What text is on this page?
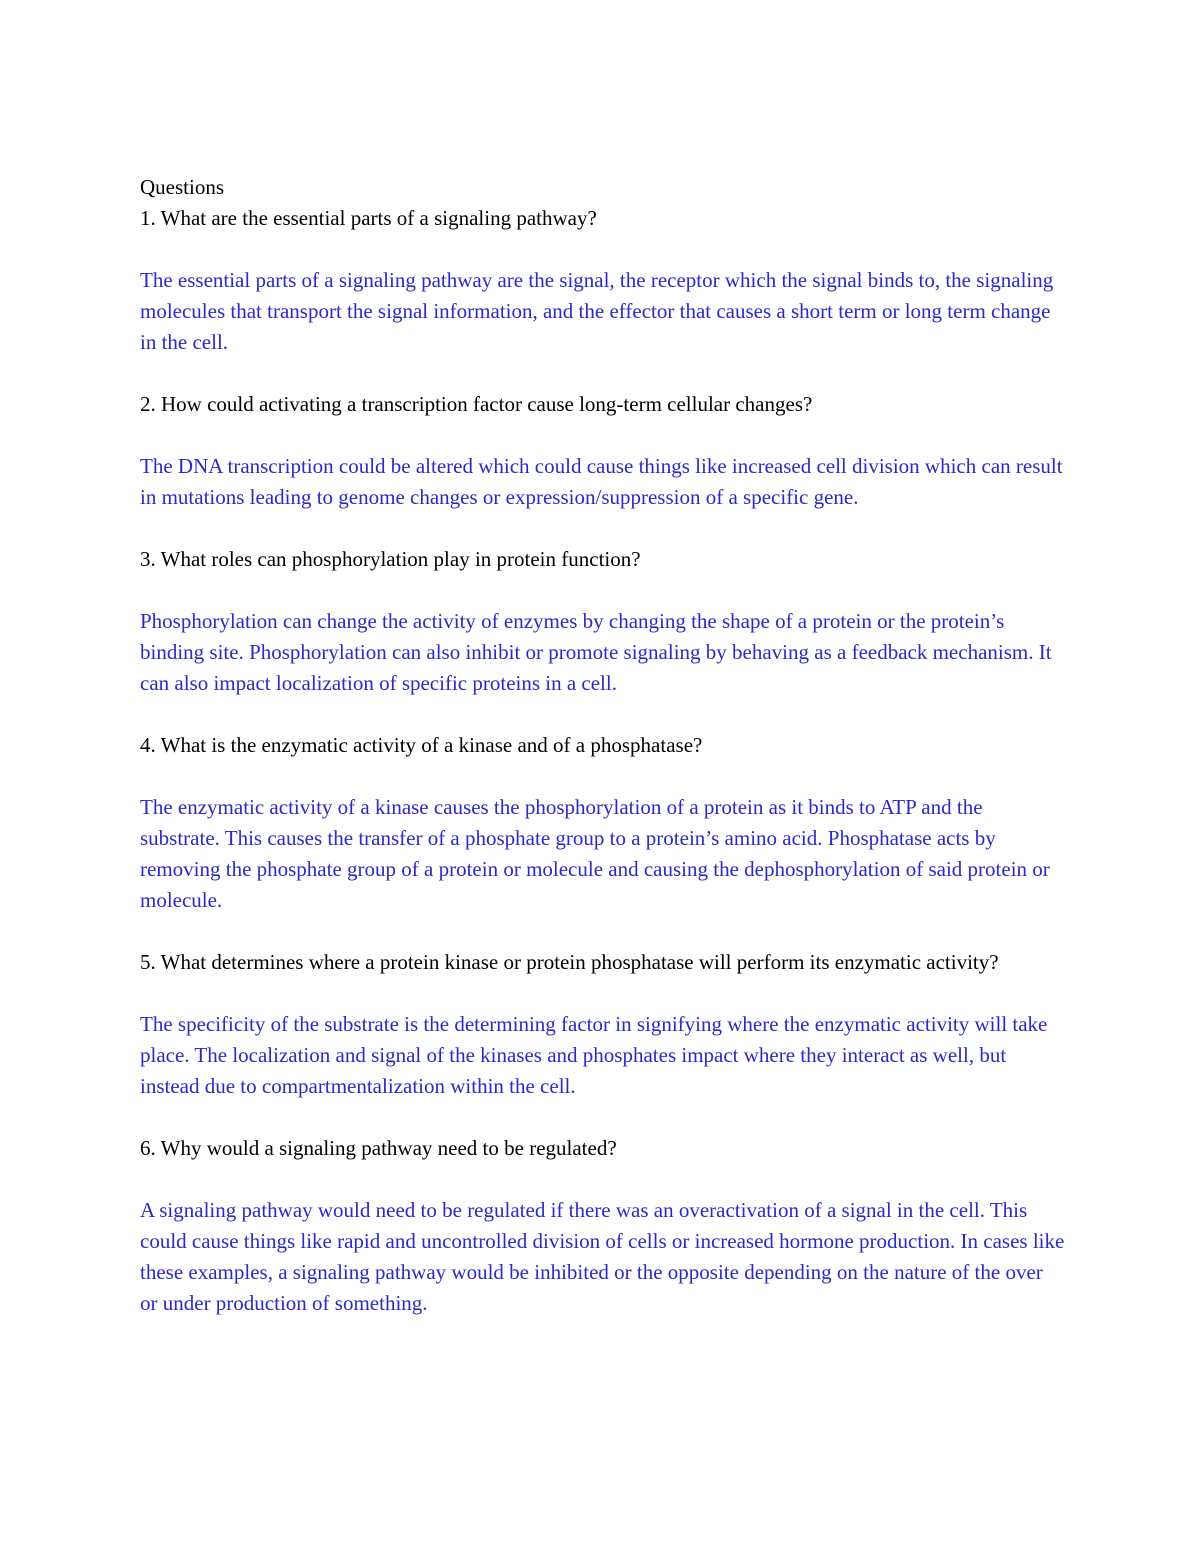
Questions

1. What are the essential parts of a signaling pathway?

The essential parts of a signaling pathway are the signal, the receptor which the signal binds to, the signaling molecules that transport the signal information, and the effector that causes a short term or long term change in the cell.

2. How could activating a transcription factor cause long-term cellular changes?

The DNA transcription could be altered which could cause things like increased cell division which can result in mutations leading to genome changes or expression/suppression of a specific gene.

3. What roles can phosphorylation play in protein function?

Phosphorylation can change the activity of enzymes by changing the shape of a protein or the protein’s binding site. Phosphorylation can also inhibit or promote signaling by behaving as a feedback mechanism. It can also impact localization of specific proteins in a cell.

4. What is the enzymatic activity of a kinase and of a phosphatase?

The enzymatic activity of a kinase causes the phosphorylation of a protein as it binds to ATP and the substrate. This causes the transfer of a phosphate group to a protein’s amino acid. Phosphatase acts by removing the phosphate group of a protein or molecule and causing the dephosphorylation of said protein or molecule.

5. What determines where a protein kinase or protein phosphatase will perform its enzymatic activity?

The specificity of the substrate is the determining factor in signifying where the enzymatic activity will take place. The localization and signal of the kinases and phosphates impact where they interact as well, but instead due to compartmentalization within the cell.

6. Why would a signaling pathway need to be regulated?

A signaling pathway would need to be regulated if there was an overactivation of a signal in the cell. This could cause things like rapid and uncontrolled division of cells or increased hormone production. In cases like these examples, a signaling pathway would be inhibited or the opposite depending on the nature of the over or under production of something.
